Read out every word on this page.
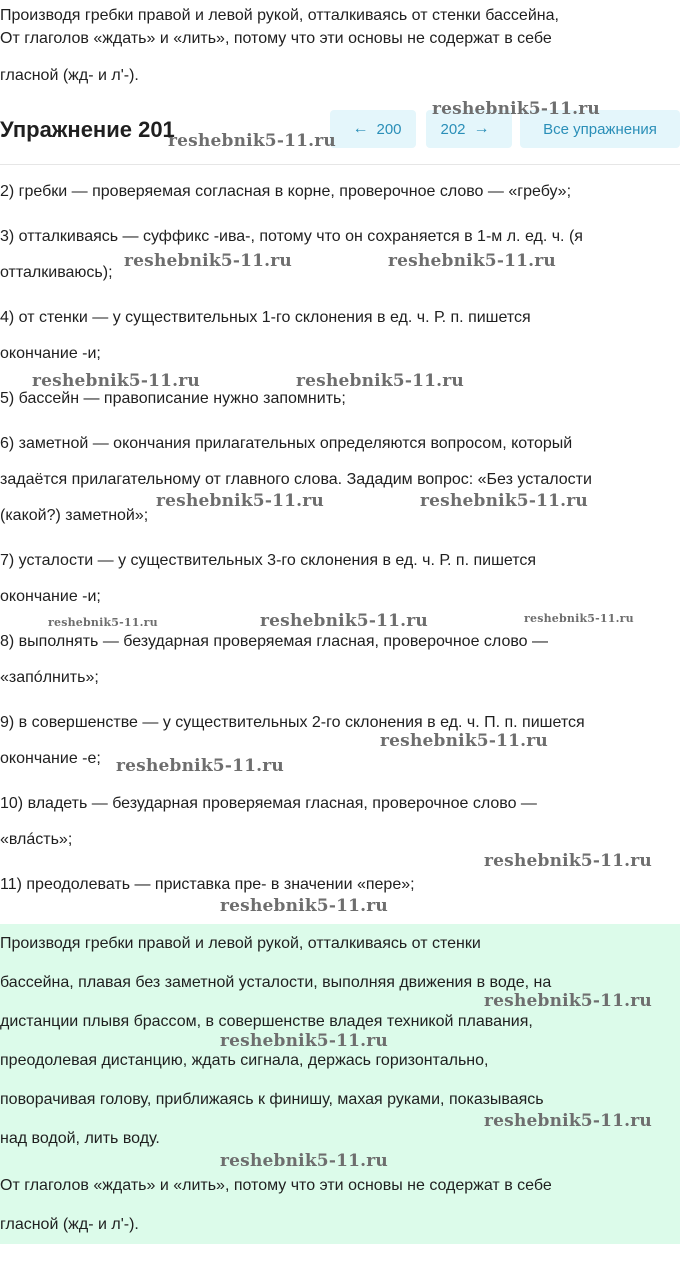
Производя гребки правой и левой рукой, отталкиваясь от стенки бассейна,

От глаголов «ждать» и «лить», потому что эти основы не содержат в себе

гласной (жд- и л'-).

Упражнение 201	← 200	202 →	Все упражнения

2) гребки — проверяемая согласная в корне, проверочное слово — «гребу»;

3) отталкиваясь — суффикс -ива-, потому что он сохраняется в 1-м л. ед. ч. (я

отталкиваюсь);

4) от стенки — у существительных 1-го склонения в ед. ч. Р. п. пишется

окончание -и;

5) бассейн — правописание нужно запомнить;

6) заметной — окончания прилагательных определяются вопросом, который

задаётся прилагательному от главного слова. Зададим вопрос: «Без усталости

(какой?) заметной»;

7) усталости — у существительных 3-го склонения в ед. ч. Р. п. пишется

окончание -и;

8) выполнять — безударная проверяемая гласная, проверочное слово —

«запóлнить»;

9) в совершенстве — у существительных 2-го склонения в ед. ч. П. п. пишется

окончание -е;

10) владеть — безударная проверяемая гласная, проверочное слово —

«влáсть»;

11) преодолевать — приставка пре- в значении «пере»;

Производя гребки правой и левой рукой, отталкиваясь от стенки

бассейна, плавая без заметной усталости, выполняя движения в воде, на

дистанции плывя брассом, в совершенстве владея техникой плавания,

преодолевая дистанцию, ждать сигнала, держась горизонтально,

поворачивая голову, приближаясь к финишу, махая руками, показываясь

над водой, лить воду.

От глаголов «ждать» и «лить», потому что эти основы не содержат в себе

гласной (жд- и л'-).

reshebnik5-11.ru
reshebnik5-11.ru
reshebnik5-11.ru	reshebnik5-11.ru
reshebnik5-11.ru	reshebnik5-11.ru
reshebnik5-11.ru	reshebnik5-11.ru
reshebnik5-11.ru	reshebnik5-11.ru	reshebnik5-11.ru
reshebnik5-11.ru
reshebnik5-11.ru
reshebnik5-11.ru
reshebnik5-11.ru
reshebnik5-11.ru
reshebnik5-11.ru
reshebnik5-11.ru
reshebnik5-11.ru
